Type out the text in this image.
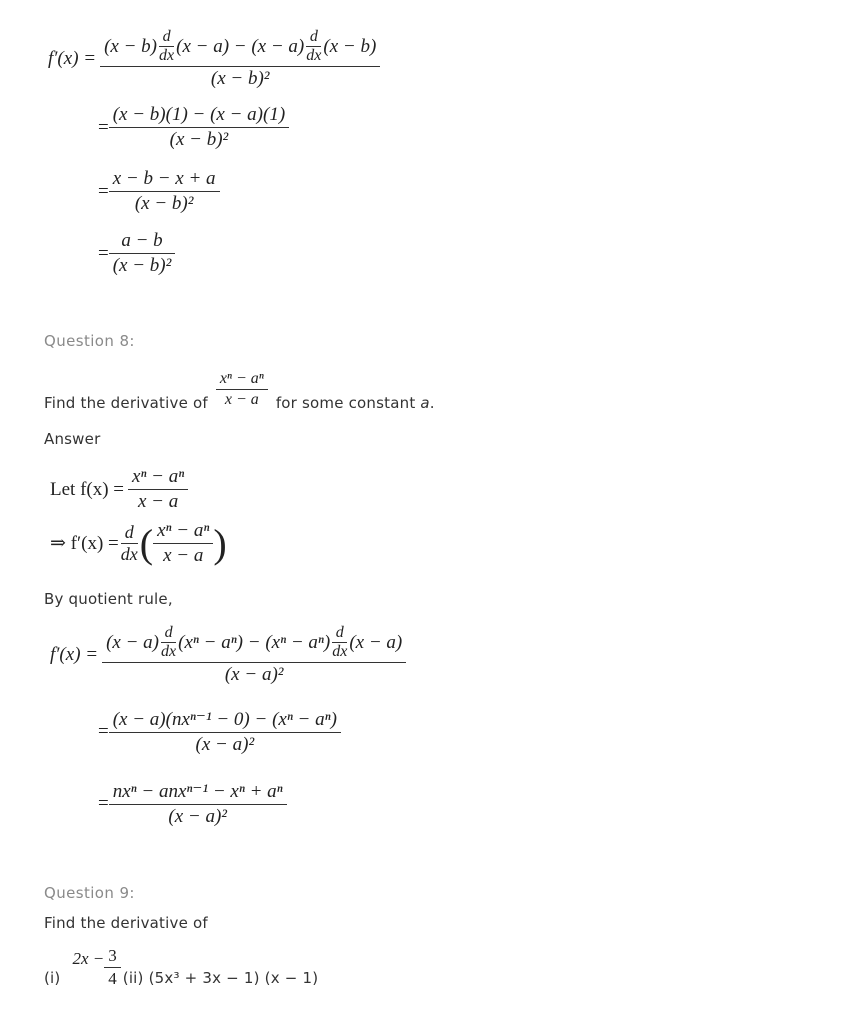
f′(x) =
(x − b) d
dx (x − a) − (x − a) d
dx (x − b)
(x − b)²
= $\frac{(x - b)(1) - (x - a)(1)}{\text{(x − b)²}}$
= $\frac{x - b - x + a}{\text{(x − b)²}}$
= $\frac{a - b}{\text{(x − b)²}}$
Question 8:
Find the derivative of $\frac{\text{xⁿ − aⁿ}}{x - a}$ for some constant a.
Answer
Let $f(x) = \frac{\text{xⁿ − aⁿ}}{x - a}$
⇒ $f'(x) = \frac{d}{dx}$ ( $\frac{\text{xⁿ − aⁿ}}{x - a}$ )
By quotient rule,
f′(x) =
(x − a) d
dx (xⁿ − aⁿ) − (xⁿ − aⁿ) d
dx (x − a)
(x − a)²
= $\frac{\text{(x − a)(nxⁿ⁻¹ − 0) − (xⁿ − aⁿ)}}{\text{(x − a)²}}$
= $\frac{\text{nxⁿ − anxⁿ⁻¹ − xⁿ + aⁿ}}{\text{(x − a)²}}$
Question 9:
Find the derivative of
(i)
$2x - \frac{3}{4} (ii) (5x^3 + 3x - 1) (x - 1)$
